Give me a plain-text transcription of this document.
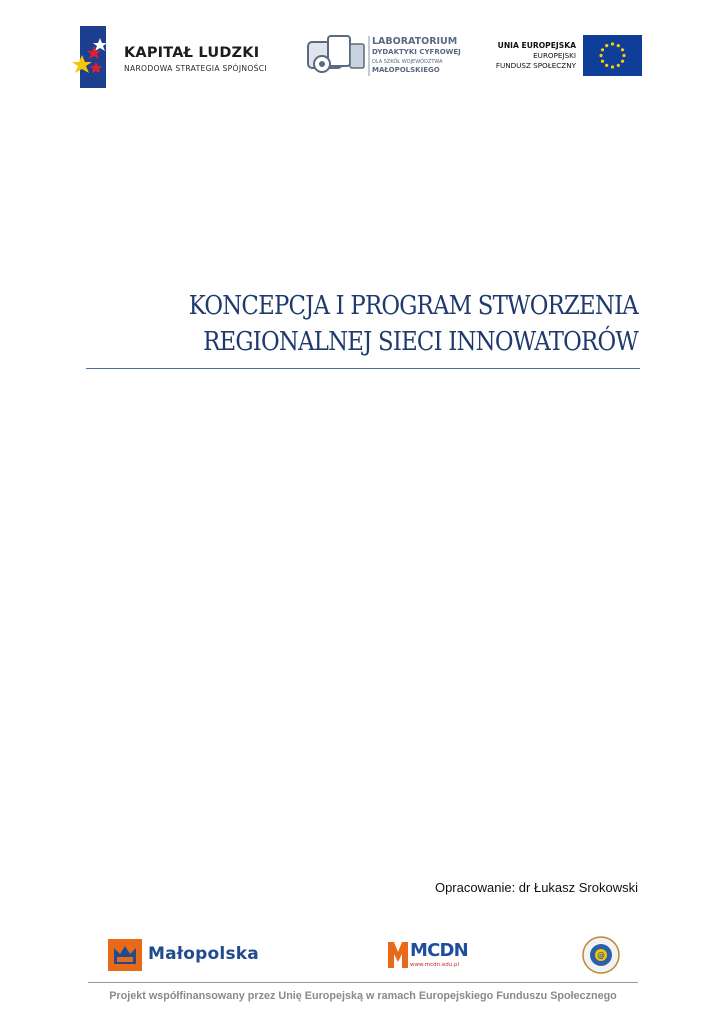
KAPITAŁ LUDZKI
NARODOWA STRATEGIA SPÓJNOŚCI
LABORATORIUM
DYDAKTYKI CYFROWEJ
DLA SZKÓŁ WOJEWÓDZTWA
MAŁOPOLSKIEGO
UNIA EUROPEJSKA
EUROPEJSKI
FUNDUSZ SPOŁECZNY
KONCEPCJA I PROGRAM STWORZENIA
REGIONALNEJ SIECI INNOWATORÓW
Opracowanie: dr Łukasz Srokowski
Małopolska	MCDN
www.mcdn.edu.pl
@
Projekt współfinansowany przez Unię Europejską w ramach Europejskiego Funduszu Społecznego
